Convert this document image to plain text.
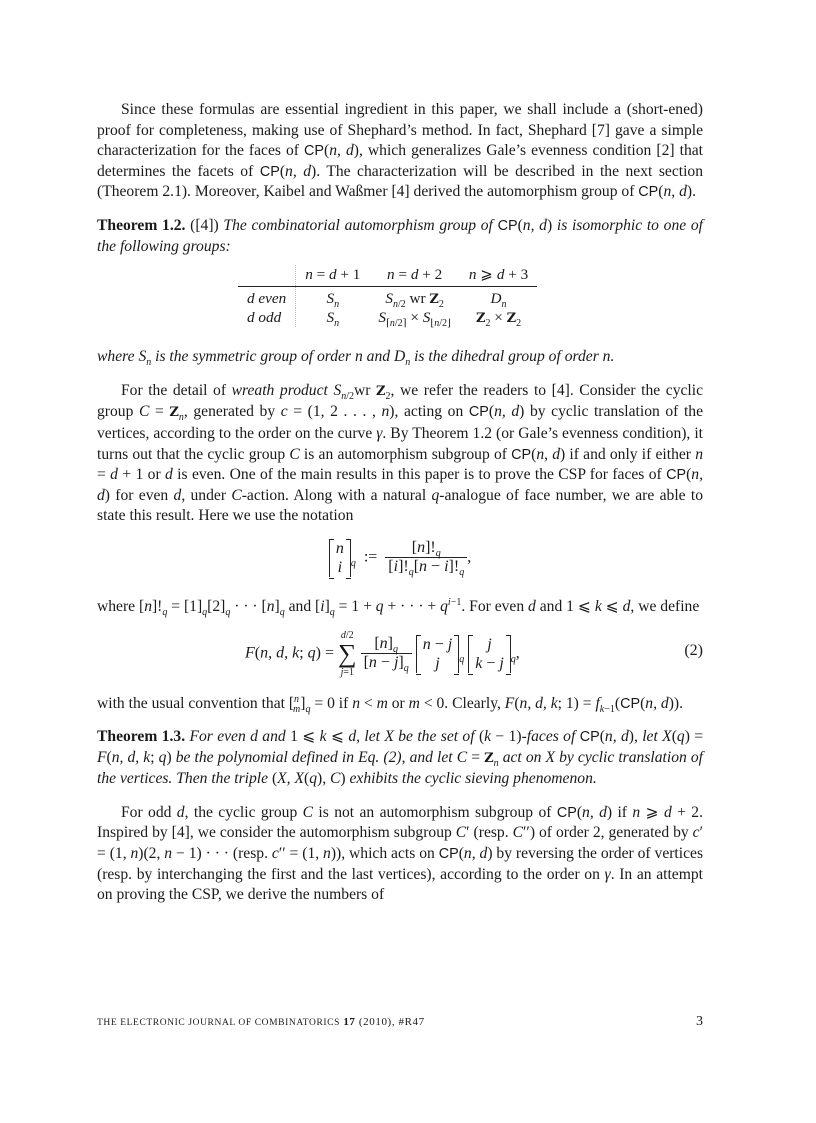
Since these formulas are essential ingredient in this paper, we shall include a (short-ened) proof for completeness, making use of Shephard’s method. In fact, Shephard [7] gave a simple characterization for the faces of CP(n, d), which generalizes Gale’s evenness condition [2] that determines the facets of CP(n, d). The characterization will be described in the next section (Theorem 2.1). Moreover, Kaibel and Waßmer [4] derived the automorphism group of CP(n, d).

Theorem 1.2. ([4]) The combinatorial automorphism group of CP(n, d) is isomorphic to one of the following groups:

	n = d + 1	n = d + 2	n ⩾ d + 3
d even	$S_n$	$S_{n/2}$ wr $Z_2$	$D_n$
d odd	$S_n$	$S_{⌈n/2⌉} \times S_{⌊n/2⌋}$	$Z_2 \times Z_2$

where $S_n$ is the symmetric group of order n and $D_n$ is the dihedral group of order n.

For the detail of wreath product $S_{n/2}wr$ $Z_2$, we refer the readers to [4]. Consider the cyclic group $C = Z_n$, generated by c = (1, 2 . . . , n), acting on CP(n, d) by cyclic translation of the vertices, according to the order on the curve γ. By Theorem 1.2 (or Gale’s evenness condition), it turns out that the cyclic group C is an automorphism subgroup of CP(n, d) if and only if either n = d + 1 or d is even. One of the main results in this paper is to prove the CSP for faces of CP(n, d) for even d, under C-action. Along with a natural q-analogue of face number, we are able to state this result. Here we use the notation

n
i $_q$  := $\frac{[n]!_q}{[i]!_q[n - i]!_q}$ ,

where $[n]!_q = [1]_q[2]_q$ · · · $[n]_q$ and $[i]_q = 1 + q$ + · · · + $q^{i-1}$. For even d and 1 ⩽ k ⩽ d, we define

F(n, d, k; q) = d/2
∑
$j=1 \frac{[n]_q}{[n - j]_q}$
n − j
j $_q$
j
k − j $_q$,	(2)

with the usual convention that $[^n_m]_q = 0$ if n < m or m < 0. Clearly, F(n, d, k; $1) = f_{k-1}(CP(n$, d)).

Theorem 1.3. For even d and 1 ⩽ k ⩽ d, let X be the set of (k − 1)-faces of CP(n, d), let X(q) = F(n, d, k; q) be the polynomial defined in Eq. (2), and let $C = Z_n$ act on X by cyclic translation of the vertices. Then the triple (X, X(q), C) exhibits the cyclic sieving phenomenon.

For odd d, the cyclic group C is not an automorphism subgroup of CP(n, d) if n ⩾ d + 2. Inspired by [4], we consider the automorphism subgroup C′ (resp. C′′) of order 2, generated by c′ = (1, n)(2, n − 1) · · · (resp. c′′ = (1, n)), which acts on CP(n, d) by reversing the order of vertices (resp. by interchanging the first and the last vertices), according to the order on γ. In an attempt on proving the CSP, we derive the numbers of

THE ELECTRONIC JOURNAL OF COMBINATORICS 17 (2010), #R47	3
